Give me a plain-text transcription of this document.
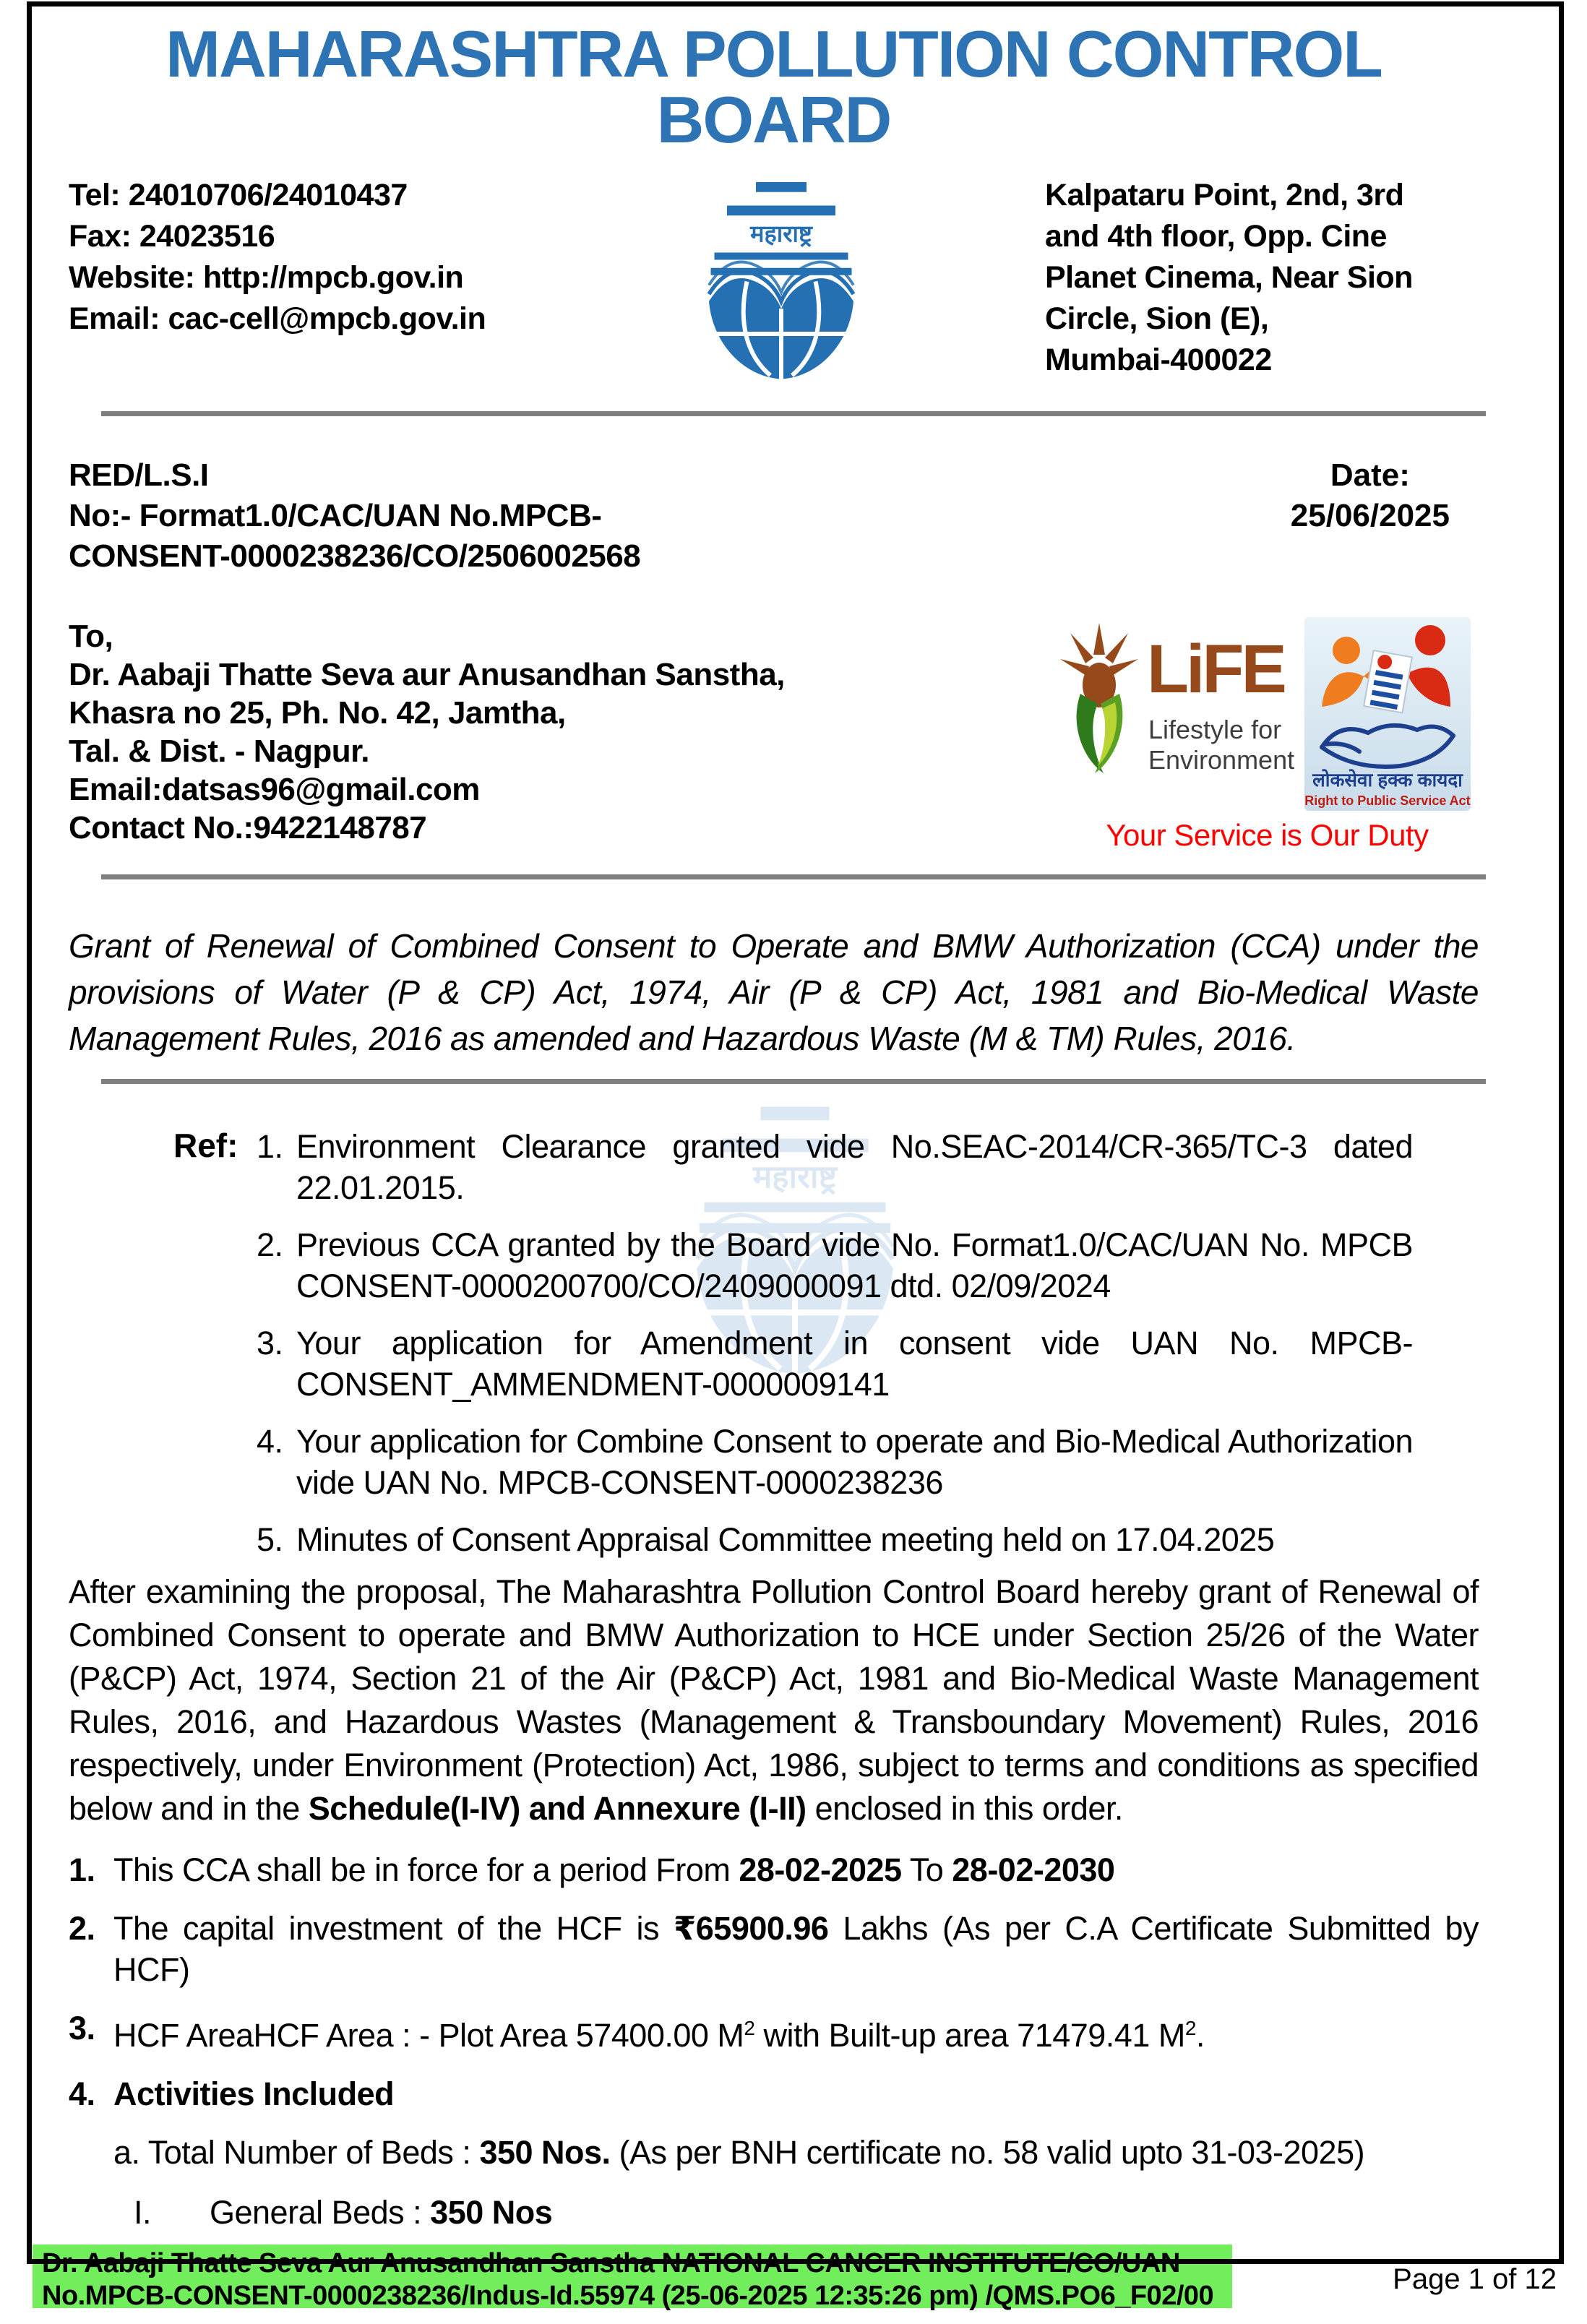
MAHARASHTRA POLLUTION CONTROL BOARD
Tel: 24010706/24010437
Fax: 24023516
Website: http://mpcb.gov.in
Email: cac-cell@mpcb.gov.in
Kalpataru Point, 2nd, 3rd
and 4th floor, Opp. Cine
Planet Cinema, Near Sion
Circle, Sion (E),
Mumbai-400022
RED/L.S.I
No:- Format1.0/CAC/UAN No.MPCB-
CONSENT-0000238236/CO/2506002568
Date:
25/06/2025
To,
Dr. Aabaji Thatte Seva aur Anusandhan Sanstha,
Khasra no 25, Ph. No. 42, Jamtha,
Tal. & Dist. - Nagpur.
Email:datsas96@gmail.com
Contact No.:9422148787
LiFE
Lifestyle for
Environment
लोकसेवा हक्क कायदा
Right to Public Service Act
Your Service is Our Duty

Grant of Renewal of Combined Consent to Operate and BMW Authorization (CCA) under the provisions of Water (P & CP) Act, 1974, Air (P & CP) Act, 1981 and Bio-Medical Waste Management Rules, 2016 as amended and Hazardous Waste (M & TM) Rules, 2016.

Ref: 1. Environment Clearance granted vide No.SEAC-2014/CR-365/TC-3 dated 22.01.2015.
2. Previous CCA granted by the Board vide No. Format1.0/CAC/UAN No. MPCB CONSENT-0000200700/CO/2409000091 dtd. 02/09/2024
3. Your application for Amendment in consent vide UAN No. MPCB-CONSENT_AMMENDMENT-0000009141
4. Your application for Combine Consent to operate and Bio-Medical Authorization vide UAN No. MPCB-CONSENT-0000238236
5. Minutes of Consent Appraisal Committee meeting held on 17.04.2025

After examining the proposal, The Maharashtra Pollution Control Board hereby grant of Renewal of Combined Consent to operate and BMW Authorization to HCE under Section 25/26 of the Water (P&CP) Act, 1974, Section 21 of the Air (P&CP) Act, 1981 and Bio-Medical Waste Management Rules, 2016, and Hazardous Wastes (Management & Transboundary Movement) Rules, 2016 respectively, under Environment (Protection) Act, 1986, subject to terms and conditions as specified below and in the Schedule(I-IV) and Annexure (I-II) enclosed in this order.

1. This CCA shall be in force for a period From 28-02-2025 To 28-02-2030
2. The capital investment of the HCF is ₹65900.96 Lakhs (As per C.A Certificate Submitted by HCF)
3. HCF AreaHCF Area : - Plot Area 57400.00 $M^2$ with Built-up area 71479.41 $M^2$.
4. Activities Included
a. Total Number of Beds : 350 Nos. (As per BNH certificate no. 58 valid upto 31-03-2025)
I.	General Beds : 350 Nos
Dr. Aabaji Thatte Seva Aur Anusandhan Sanstha NATIONAL CANCER INSTITUTE/CO/UAN No.MPCB-CONSENT-0000238236/Indus-Id.55974 (25-06-2025 12:35:26 pm) /QMS.PO6_F02/00
Page 1 of 12
